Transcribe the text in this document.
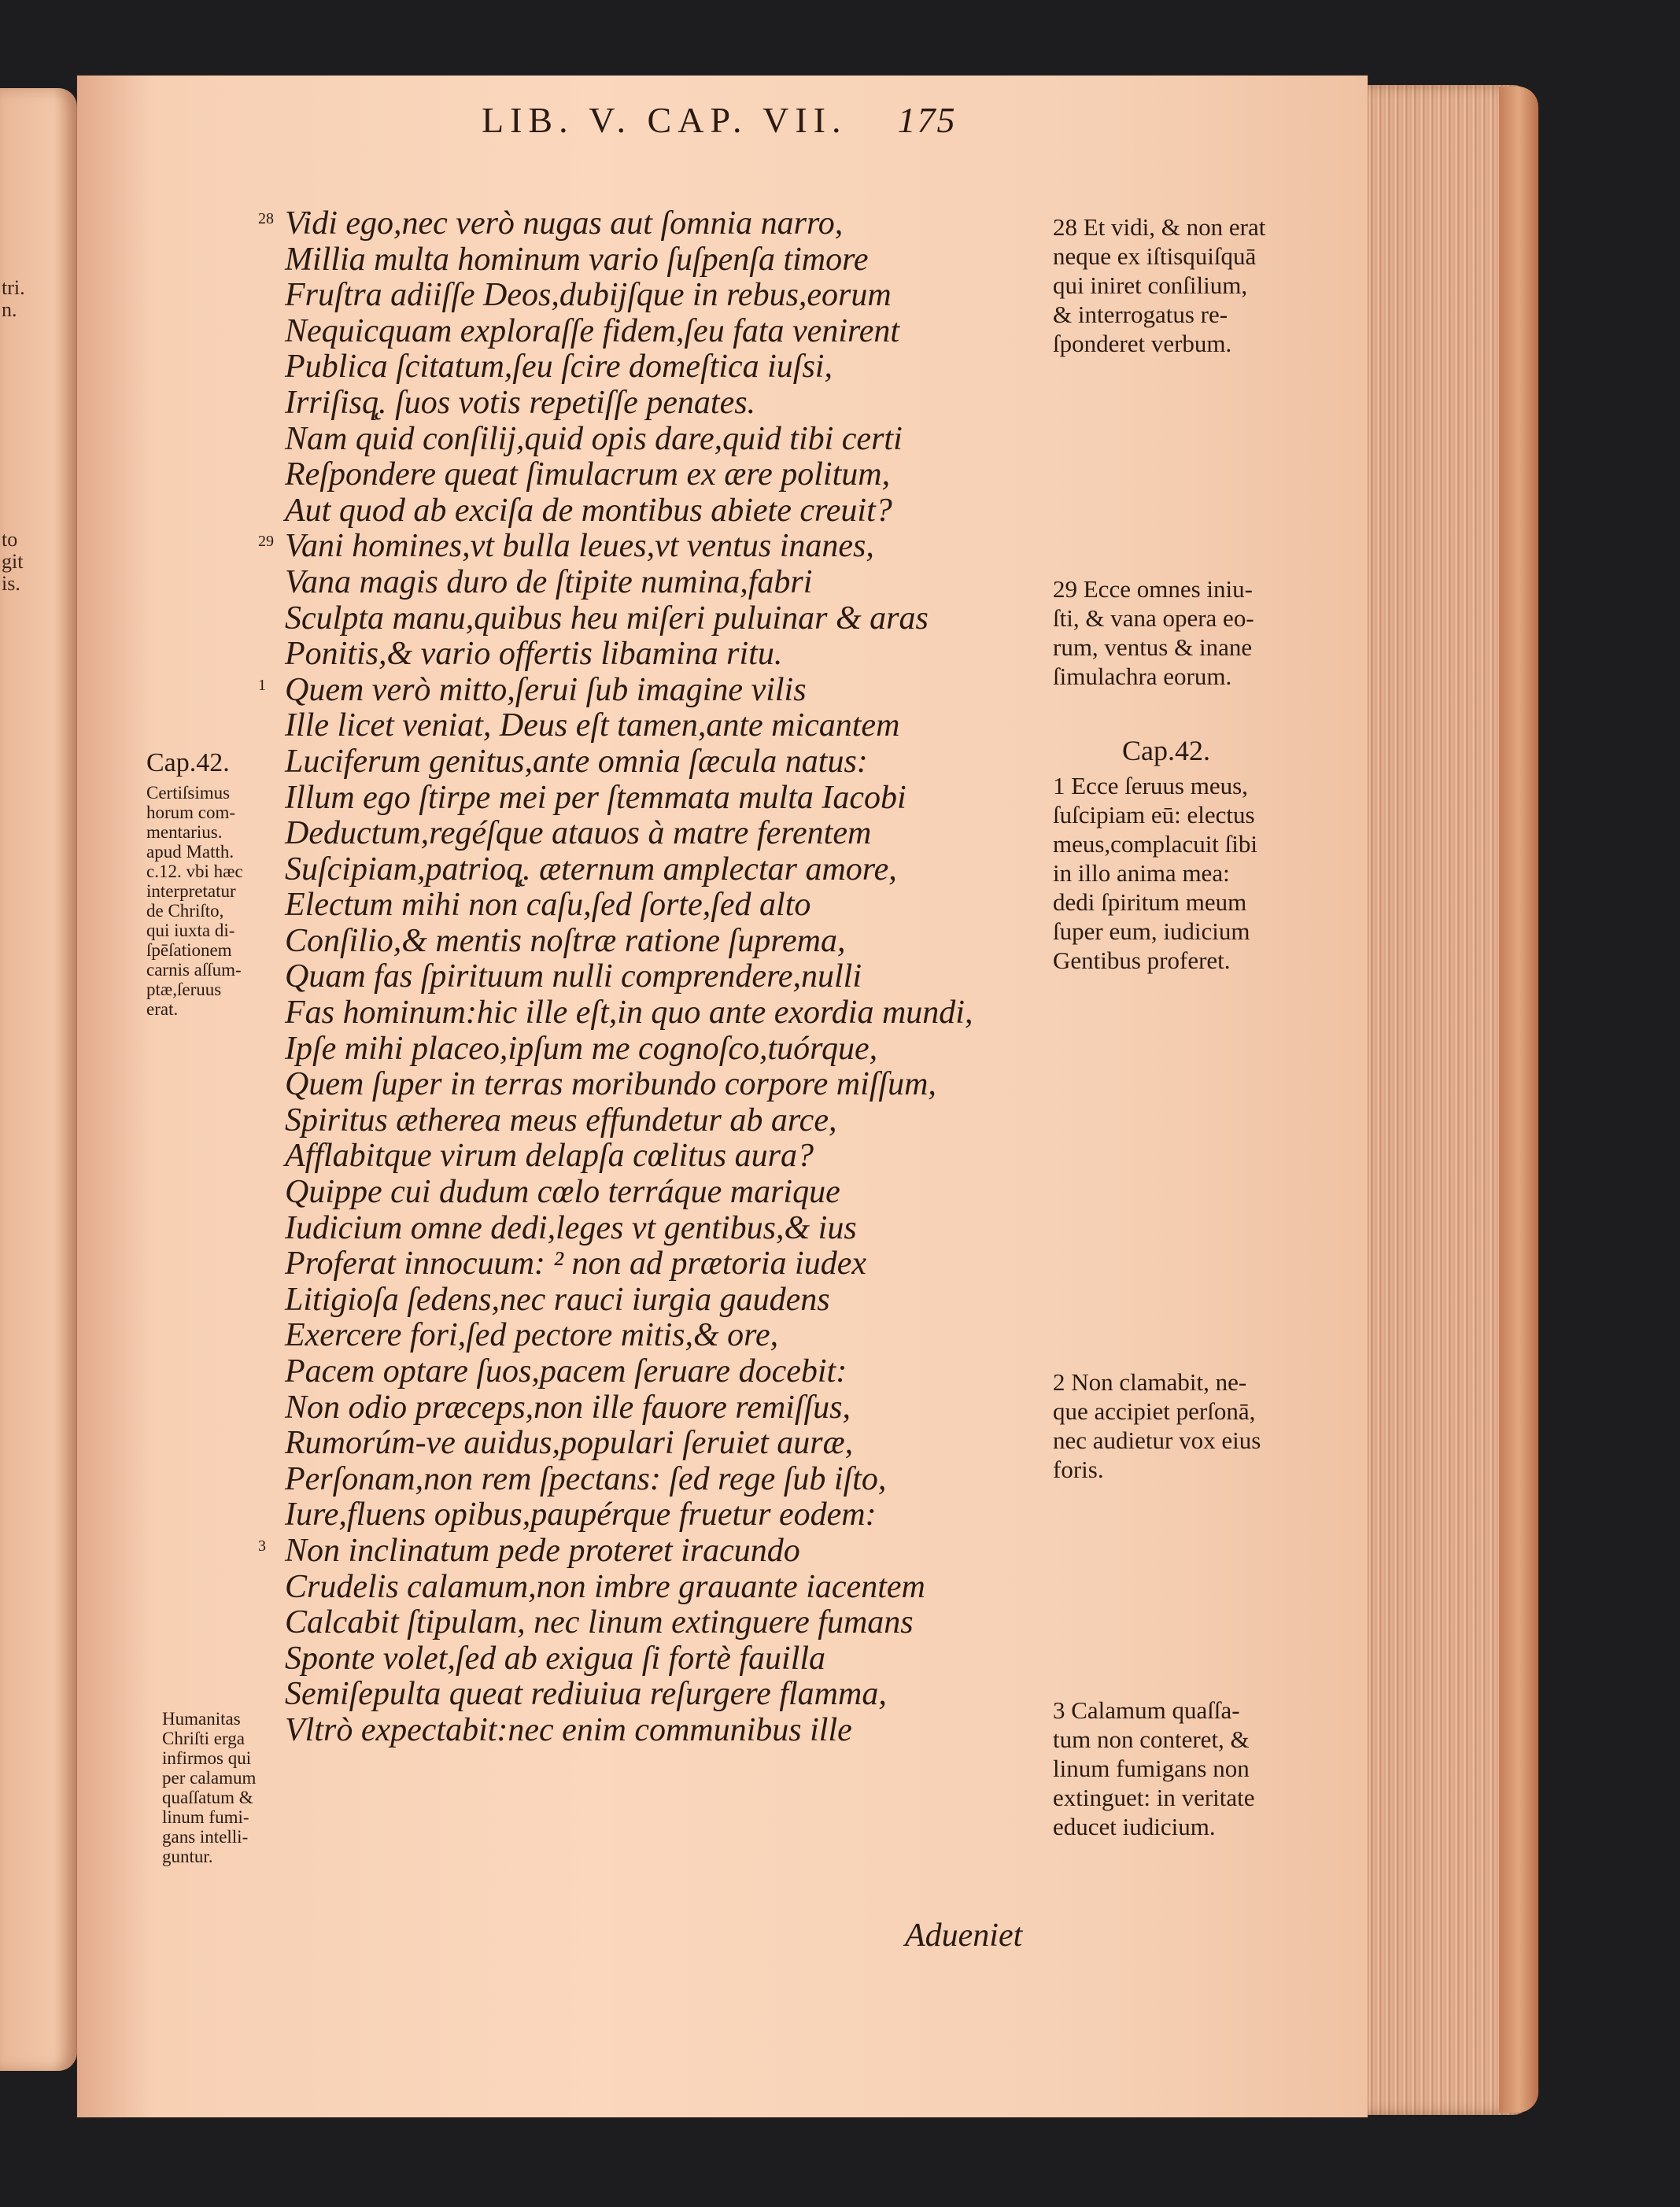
tri.
n.
to
git
is.
LIB. V. CAP. VII. 175
28 Vidi ego,nec verò nugas aut ſomnia narro,
Millia multa hominum vario ſuſpenſa timore
Fruſtra adiiſſe Deos,dubijſque in rebus,eorum
Nequicquam exploraſſe fidem,ſeu fata venirent
Publica ſcitatum,ſeu ſcire domeſtica iuſsi,
Irriſisq̨. ſuos votis repetiſſe penates.
Nam quid conſilij,quid opis dare,quid tibi certi
Reſpondere queat ſimulacrum ex ære politum,
Aut quod ab exciſa de montibus abiete creuit?
29 Vani homines,vt bulla leues,vt ventus inanes,
Vana magis duro de ſtipite numina,fabri
Sculpta manu,quibus heu miſeri puluinar & aras
Ponitis,& vario offertis libamina ritu.
1 Quem verò mitto,ſerui ſub imagine vilis
Ille licet veniat, Deus eſt tamen,ante micantem
Luciferum genitus,ante omnia ſæcula natus:
Illum ego ſtirpe mei per ſtemmata multa Iacobi
Deductum,regéſque atauos à matre ferentem
Suſcipiam,patrioq̨. æternum amplectar amore,
Electum mihi non caſu,ſed ſorte,ſed alto
Conſilio,& mentis noſtræ ratione ſuprema,
Quam fas ſpirituum nulli comprendere,nulli
Fas hominum:hic ille eſt,in quo ante exordia mundi,
Ipſe mihi placeo,ipſum me cognoſco,tuórque,
Quem ſuper in terras moribundo corpore miſſum,
Spiritus ætherea meus effundetur ab arce,
Afflabitque virum delapſa cœlitus aura?
Quippe cui dudum cœlo terráque marique
Iudicium omne dedi,leges vt gentibus,& ius
Proferat innocuum: ² non ad prætoria iudex
Litigioſa ſedens,nec rauci iurgia gaudens
Exercere fori,ſed pectore mitis,& ore,
Pacem optare ſuos,pacem ſeruare docebit:
Non odio præceps,non ille fauore remiſſus,
Rumorúm-ve auidus,populari ſeruiet auræ,
Perſonam,non rem ſpectans: ſed rege ſub iſto,
Iure,fluens opibus,paupérque fruetur eodem:
3 Non inclinatum pede proteret iracundo
Crudelis calamum,non imbre grauante iacentem
Calcabit ſtipulam, nec linum extinguere fumans
Sponte volet,ſed ab exigua ſi fortè fauilla
Semiſepulta queat rediuiua reſurgere flamma,
Vltrò expectabit:nec enim communibus ille
Adueniet
28 Et vidi, & non erat
neque ex iſtisquiſquā
qui iniret conſilium,
& interrogatus re-
ſponderet verbum.
29 Ecce omnes iniu-
ſti, & vana opera eo-
rum, ventus & inane
ſimulachra eorum.
Cap.42.
1 Ecce ſeruus meus,
ſuſcipiam eū: electus
meus,complacuit ſibi
in illo anima mea:
dedi ſpiritum meum
ſuper eum, iudicium
Gentibus proferet.
2 Non clamabit, ne-
que accipiet perſonā,
nec audietur vox eius
foris.
3 Calamum quaſſa-
tum non conteret, &
linum fumigans non
extinguet: in veritate
educet iudicium.
Cap.42.
Certiſsimus
horum com-
mentarius.
apud Matth.
c.12. vbi hæc
interpretatur
de Chriſto,
qui iuxta di-
ſpēſationem
carnis aſſum-
ptæ,ſeruus
erat.
Humanitas
Chriſti erga
infirmos qui
per calamum
quaſſatum &
linum fumi-
gans intelli-
guntur.
